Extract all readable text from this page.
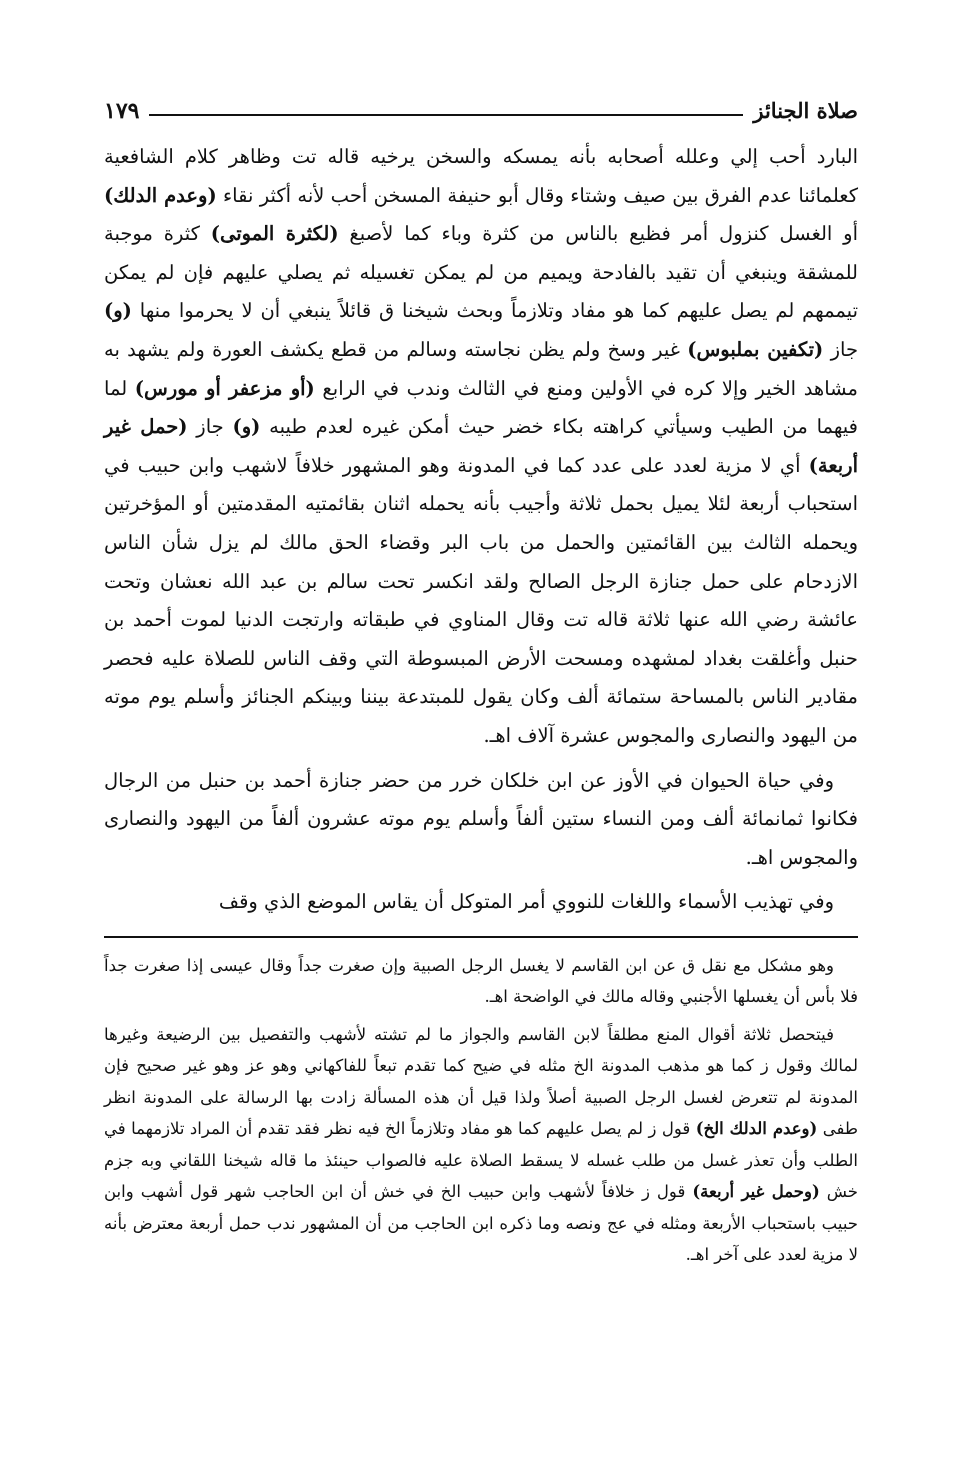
صلاة الجنائز
١٧٩

البارد أحب إلي وعلله أصحابه بأنه يمسكه والسخن يرخيه قاله تت وظاهر كلام الشافعية كعلمائنا عدم الفرق بين صيف وشتاء وقال أبو حنيفة المسخن أحب لأنه أكثر نقاء (وعدم الدلك) أو الغسل كنزول أمر فظيع بالناس من كثرة وباء كما لأصبغ (لكثرة الموتى) كثرة موجبة للمشقة وينبغي أن تقيد بالفادحة ويميم من لم يمكن تغسيله ثم يصلي عليهم فإن لم يمكن تيممهم لم يصل عليهم كما هو مفاد وتلازماً وبحث شيخنا ق قائلاً ينبغي أن لا يحرموا منها (و) جاز (تكفين بملبوس) غير وسخ ولم يظن نجاسته وسالم من قطع يكشف العورة ولم يشهد به مشاهد الخير وإلا كره في الأولين ومنع في الثالث وندب في الرابع (أو مزعفر أو مورس) لما فيهما من الطيب وسيأتي كراهته بكاء خضر حيث أمكن غيره لعدم طيبه (و) جاز (حمل غير أربعة) أي لا مزية لعدد على عدد كما في المدونة وهو المشهور خلافاً لاشهب وابن حبيب في استحباب أربعة لئلا يميل بحمل ثلاثة وأجيب بأنه يحمله اثنان بقائمتيه المقدمتين أو المؤخرتين ويحمله الثالث بين القائمتين والحمل من باب البر وقضاء الحق مالك لم يزل شأن الناس الازدحام على حمل جنازة الرجل الصالح ولقد انكسر تحت سالم بن عبد الله نعشان وتحت عائشة رضي الله عنها ثلاثة قاله تت وقال المناوي في طبقاته وارتجت الدنيا لموت أحمد بن حنبل وأغلقت بغداد لمشهده ومسحت الأرض المبسوطة التي وقف الناس للصلاة عليه فحصر مقادير الناس بالمساحة ستمائة ألف وكان يقول للمبتدعة بيننا وبينكم الجنائز وأسلم يوم موته من اليهود والنصارى والمجوس عشرة آلاف اهـ.

وفي حياة الحيوان في الأوز عن ابن خلكان خرر من حضر جنازة أحمد بن حنبل من الرجال فكانوا ثمانمائة ألف ومن النساء ستين ألفاً وأسلم يوم موته عشرون ألفاً من اليهود والنصارى والمجوس اهـ.

وفي تهذيب الأسماء واللغات للنووي أمر المتوكل أن يقاس الموضع الذي وقف

وهو مشكل مع نقل ق عن ابن القاسم لا يغسل الرجل الصبية وإن صغرت جداً وقال عيسى إذا صغرت جداً فلا بأس أن يغسلها الأجنبي وقاله مالك في الواضحة اهـ.

فيتحصل ثلاثة أقوال المنع مطلقاً لابن القاسم والجواز ما لم تشته لأشهب والتفصيل بين الرضيعة وغيرها لمالك وقول ز كما هو مذهب المدونة الخ مثله في ضيح كما تقدم تبعاً للفاكهاني وهو عز وهو غير صحيح فإن المدونة لم تتعرض لغسل الرجل الصبية أصلاً ولذا قيل أن هذه المسألة زادت بها الرسالة على المدونة انظر طفى (وعدم الدلك الخ) قول ز لم يصل عليهم كما هو مفاد وتلازماً الخ فيه نظر فقد تقدم أن المراد تلازمهما في الطلب وأن تعذر غسل من طلب غسله لا يسقط الصلاة عليه فالصواب حينئذ ما قاله شيخنا اللقاني وبه جزم خش (وحمل غير أربعة) قول ز خلافاً لأشهب وابن حبيب الخ في خش أن ابن الحاجب شهر قول أشهب وابن حبيب باستحباب الأربعة ومثله في عج ونصه وما ذكره ابن الحاجب من أن المشهور ندب حمل أربعة معترض بأنه لا مزية لعدد على آخر اهـ.
